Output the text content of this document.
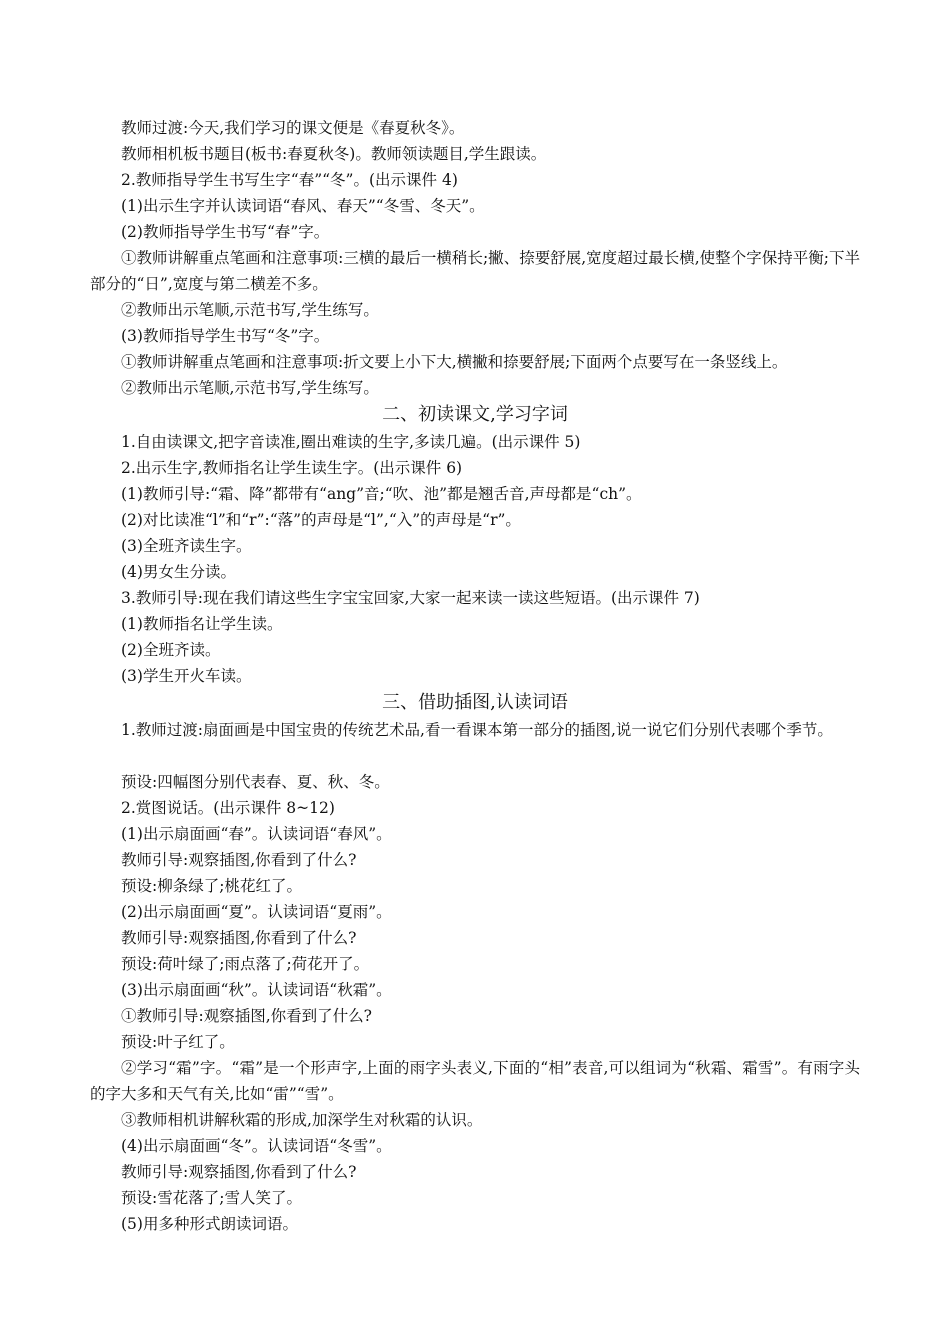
教师过渡:今天,我们学习的课文便是《春夏秋冬》。
教师相机板书题目(板书:春夏秋冬)。教师领读题目,学生跟读。
2.教师指导学生书写生字“春”“冬”。(出示课件 4)
(1)出示生字并认读词语“春风、春天”“冬雪、冬天”。
(2)教师指导学生书写“春”字。
①教师讲解重点笔画和注意事项:三横的最后一横稍长;撇、捺要舒展,宽度超过最长横,使整个字保持平衡;下半部分的“日”,宽度与第二横差不多。
②教师出示笔顺,示范书写,学生练写。
(3)教师指导学生书写“冬”字。
①教师讲解重点笔画和注意事项:折文要上小下大,横撇和捺要舒展;下面两个点要写在一条竖线上。
②教师出示笔顺,示范书写,学生练写。
二、初读课文,学习字词
1.自由读课文,把字音读准,圈出难读的生字,多读几遍。(出示课件 5)
2.出示生字,教师指名让学生读生字。(出示课件 6)
(1)教师引导:“霜、降”都带有“ang”音;“吹、池”都是翘舌音,声母都是“ch”。
(2)对比读准“l”和“r”:“落”的声母是“l”,“入”的声母是“r”。
(3)全班齐读生字。
(4)男女生分读。
3.教师引导:现在我们请这些生字宝宝回家,大家一起来读一读这些短语。(出示课件 7)
(1)教师指名让学生读。
(2)全班齐读。
(3)学生开火车读。
三、借助插图,认读词语
1.教师过渡:扇面画是中国宝贵的传统艺术品,看一看课本第一部分的插图,说一说它们分别代表哪个季节。
预设:四幅图分别代表春、夏、秋、冬。
2.赏图说话。(出示课件 8~12)
(1)出示扇面画“春”。认读词语“春风”。
教师引导:观察插图,你看到了什么?
预设:柳条绿了;桃花红了。
(2)出示扇面画“夏”。认读词语“夏雨”。
教师引导:观察插图,你看到了什么?
预设:荷叶绿了;雨点落了;荷花开了。
(3)出示扇面画“秋”。认读词语“秋霜”。
①教师引导:观察插图,你看到了什么?
预设:叶子红了。
②学习“霜”字。“霜”是一个形声字,上面的雨字头表义,下面的“相”表音,可以组词为“秋霜、霜雪”。有雨字头的字大多和天气有关,比如“雷”“雪”。
③教师相机讲解秋霜的形成,加深学生对秋霜的认识。
(4)出示扇面画“冬”。认读词语“冬雪”。
教师引导:观察插图,你看到了什么?
预设:雪花落了;雪人笑了。
(5)用多种形式朗读词语。
